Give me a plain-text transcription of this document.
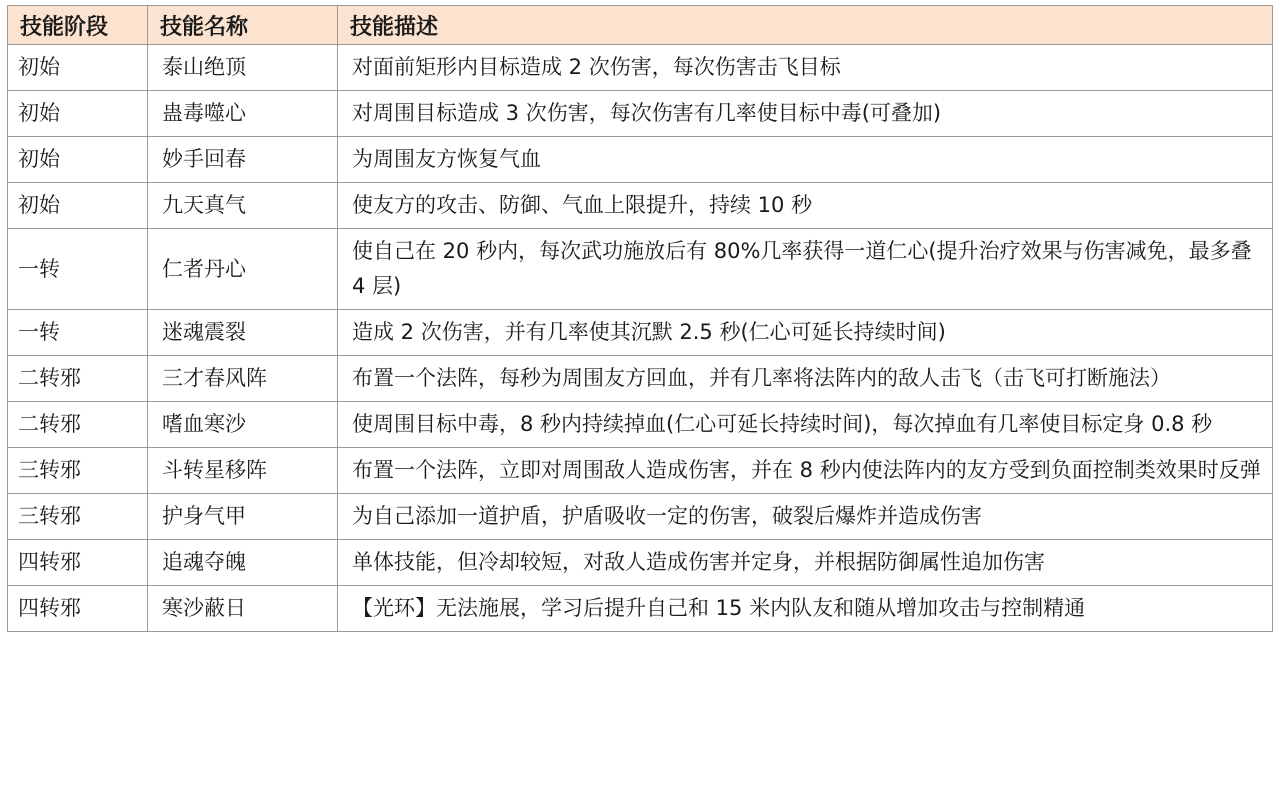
技能阶段	技能名称	技能描述
初始	泰山绝顶	对面前矩形内目标造成 2 次伤害，每次伤害击飞目标
初始	蛊毒噬心	对周围目标造成 3 次伤害，每次伤害有几率使目标中毒(可叠加)
初始	妙手回春	为周围友方恢复气血
初始	九天真气	使友方的攻击、防御、气血上限提升，持续 10 秒
一转	仁者丹心	使自己在 20 秒内，每次武功施放后有 80%几率获得一道仁心(提升治疗效果与伤害减免，最多叠 4 层)
一转	迷魂震裂	造成 2 次伤害，并有几率使其沉默 2.5 秒(仁心可延长持续时间)
二转邪	三才春风阵	布置一个法阵，每秒为周围友方回血，并有几率将法阵内的敌人击飞（击飞可打断施法）
二转邪	嗜血寒沙	使周围目标中毒，8 秒内持续掉血(仁心可延长持续时间)，每次掉血有几率使目标定身 0.8 秒
三转邪	斗转星移阵	布置一个法阵，立即对周围敌人造成伤害，并在 8 秒内使法阵内的友方受到负面控制类效果时反弹
三转邪	护身气甲	为自己添加一道护盾，护盾吸收一定的伤害，破裂后爆炸并造成伤害
四转邪	追魂夺魄	单体技能，但冷却较短，对敌人造成伤害并定身，并根据防御属性追加伤害
四转邪	寒沙蔽日	【光环】无法施展，学习后提升自己和 15 米内队友和随从增加攻击与控制精通
